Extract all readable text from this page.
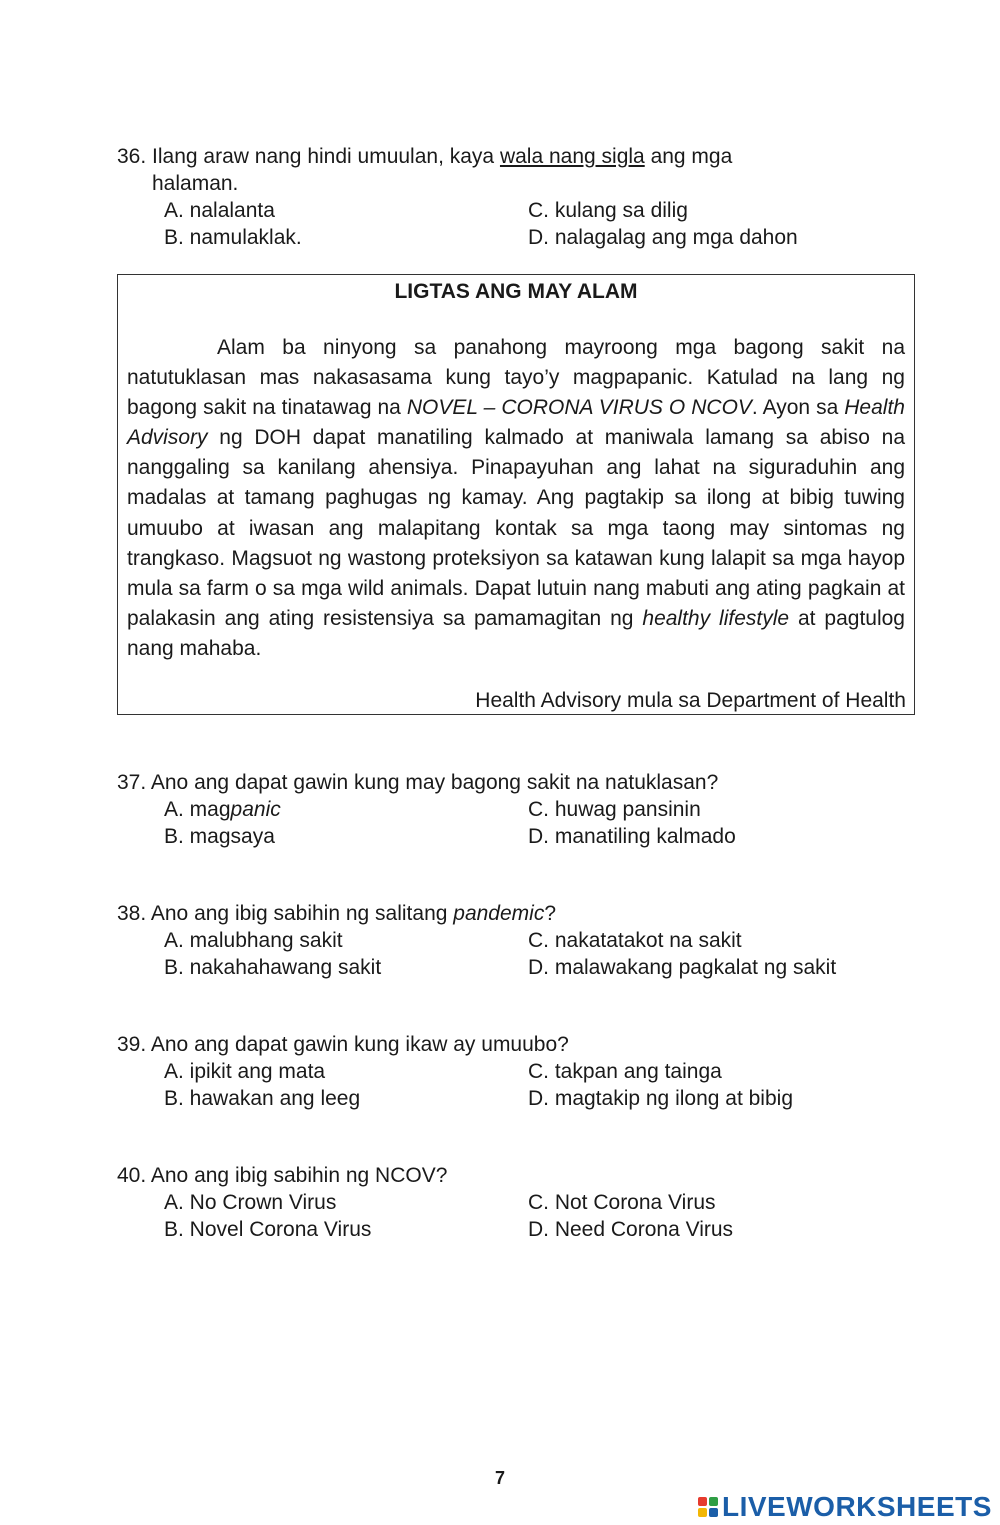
36. Ilang araw nang hindi umuulan, kaya wala nang sigla ang mga
halaman.
A. nalalanta	C. kulang sa dilig
B. namulaklak.	D. nalagalag ang mga dahon
LIGTAS ANG MAY ALAM
Alam ba ninyong sa panahong mayroong mga bagong sakit na natutuklasan mas nakasasama kung tayo’y magpapanic. Katulad na lang ng bagong sakit na tinatawag na NOVEL – CORONA VIRUS O NCOV. Ayon sa Health Advisory ng DOH dapat manatiling kalmado at maniwala lamang sa abiso na nanggaling sa kanilang ahensiya. Pinapayuhan ang lahat na siguraduhin ang madalas at tamang paghugas ng kamay. Ang pagtakip sa ilong at bibig tuwing umuubo at iwasan ang malapitang kontak sa mga taong may sintomas ng trangkaso. Magsuot ng wastong proteksiyon sa katawan kung lalapit sa mga hayop mula sa farm o sa mga wild animals. Dapat lutuin nang mabuti ang ating pagkain at palakasin ang ating resistensiya sa pamamagitan ng healthy lifestyle at pagtulog nang mahaba.
Health Advisory mula sa Department of Health
37. Ano ang dapat gawin kung may bagong sakit na natuklasan?
A. magpanic	C. huwag pansinin
B. magsaya	D. manatiling kalmado
38. Ano ang ibig sabihin ng salitang pandemic?
A. malubhang sakit	C. nakatatakot na sakit
B. nakahahawang sakit	D. malawakang pagkalat ng sakit
39. Ano ang dapat gawin kung ikaw ay umuubo?
A. ipikit ang mata	C. takpan ang tainga
B. hawakan ang leeg	D. magtakip ng ilong at bibig
40. Ano ang ibig sabihin ng NCOV?
A. No Crown Virus	C. Not Corona Virus
B. Novel Corona Virus	D. Need Corona Virus
7
LIVEWORKSHEETS
